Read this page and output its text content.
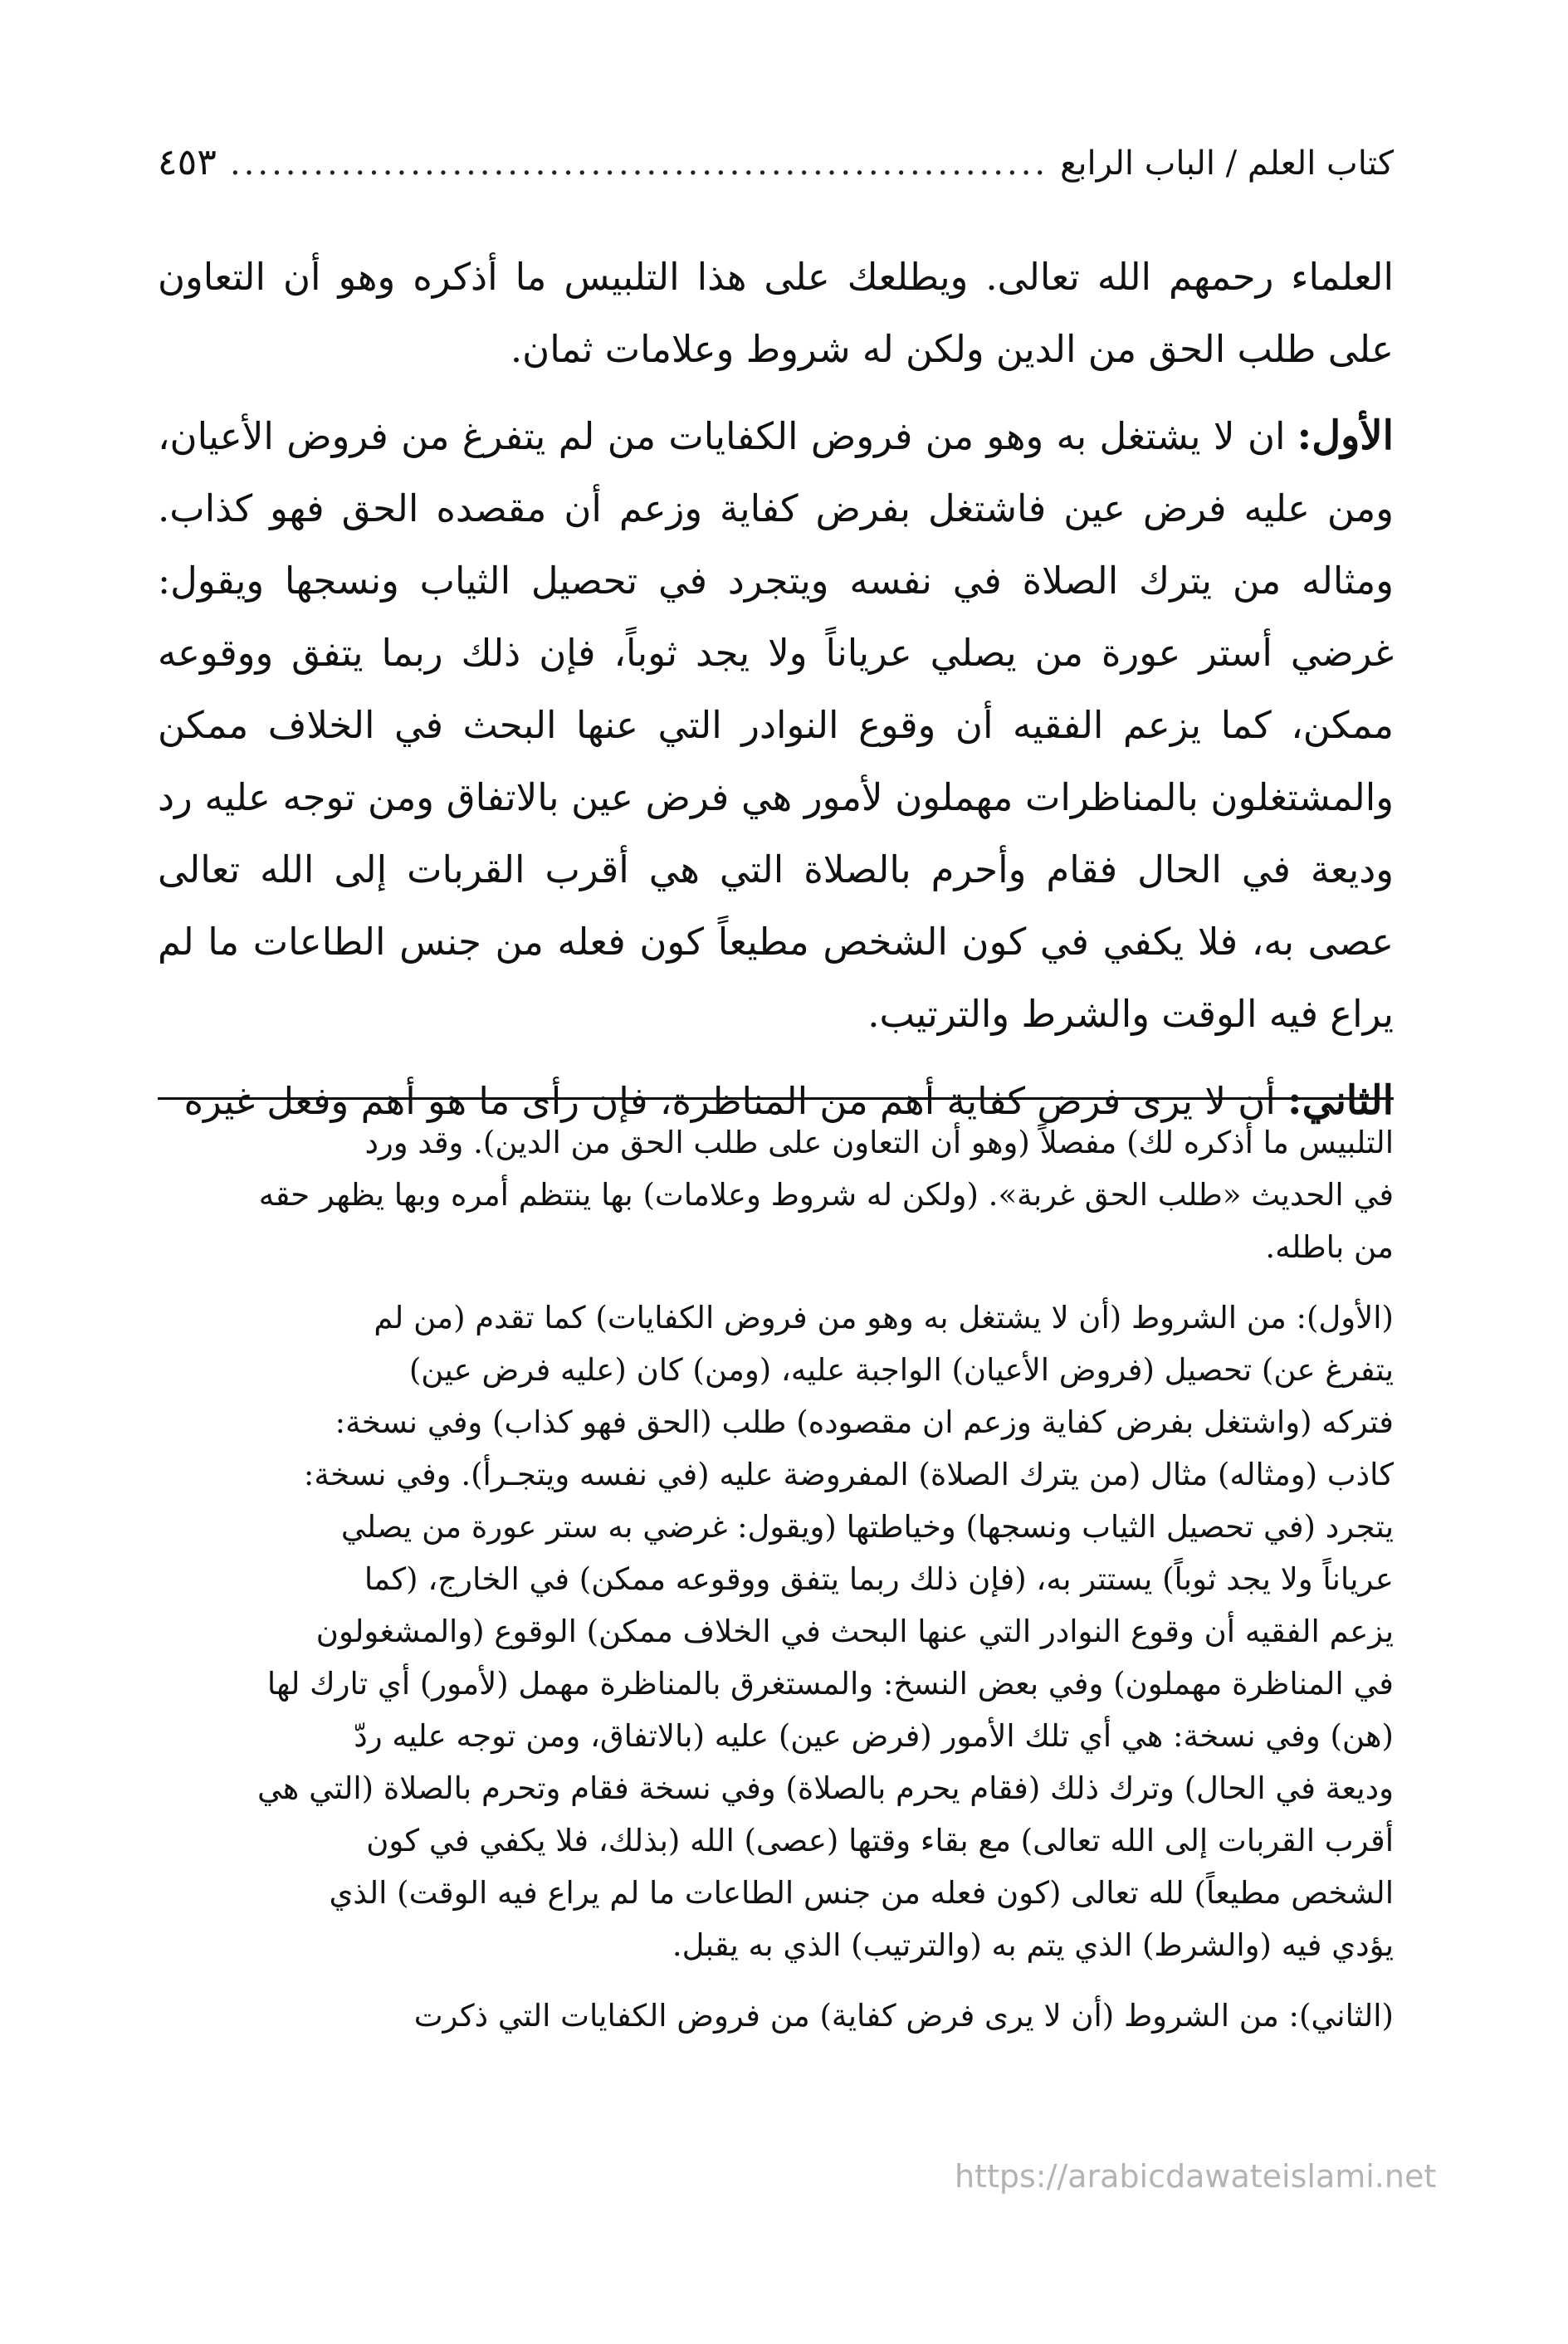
كتاب العلم / الباب الرابع
.....
٤٥٣

العلماء رحمهم الله تعالى. ويطلعك على هذا التلبيس ما أذكره وهو أن التعاون على طلب الحق من الدين ولكن له شروط وعلامات ثمان.

الأول:ان لا يشتغل به وهو من فروض الكفايات من لم يتفرغ من فروض الأعيان، ومن عليه فرض عين فاشتغل بفرض كفاية وزعم أن مقصده الحق فهو كذاب. ومثاله من يترك الصلاة في نفسه ويتجرد في تحصيل الثياب ونسجها ويقول: غرضي أستر عورة من يصلي عرياناً ولا يجد ثوباً، فإن ذلك ربما يتفق ووقوعه ممكن، كما يزعم الفقيه أن وقوع النوادر التي عنها البحث في الخلاف ممكن والمشتغلون بالمناظرات مهملون لأمور هي فرض عين بالاتفاق ومن توجه عليه رد وديعة في الحال فقام وأحرم بالصلاة التي هي أقرب القربات إلى الله تعالى عصى به، فلا يكفي في كون الشخص مطيعاً كون فعله من جنس الطاعات ما لم يراع فيه الوقت والشرط والترتيب.

الثاني:أن لا يرى فرض كفاية أهم من المناظرة، فإن رأى ما هو أهم وفعل غيره

التلبيس ما أذكره لك) مفصلاً (وهو أن التعاون على طلب الحق من الدين). وقد ورد
في الحديث «طلب الحق غربة». (ولكن له شروط وعلامات) بها ينتظم أمره وبها يظهر حقه
من باطله.

(الأول): من الشروط (أن لا يشتغل به وهو من فروض الكفايات) كما تقدم (من لم
يتفرغ عن) تحصيل (فروض الأعيان) الواجبة عليه، (ومن) كان (عليه فرض عين)
فتركه (واشتغل بفرض كفاية وزعم ان مقصوده) طلب (الحق فهو كذاب) وفي نسخة:
كاذب (ومثاله) مثال (من يترك الصلاة) المفروضة عليه (في نفسه ويتجـرأ). وفي نسخة:
يتجرد (في تحصيل الثياب ونسجها) وخياطتها (ويقول: غرضي به ستر عورة من يصلي
عرياناً ولا يجد ثوباً) يستتر به، (فإن ذلك ربما يتفق ووقوعه ممكن) في الخارج، (كما
يزعم الفقيه أن وقوع النوادر التي عنها البحث في الخلاف ممكن) الوقوع (والمشغولون
في المناظرة مهملون) وفي بعض النسخ: والمستغرق بالمناظرة مهمل (لأمور) أي تارك لها
(هن) وفي نسخة: هي أي تلك الأمور (فرض عين) عليه (بالاتفاق، ومن توجه عليه ردّ
وديعة في الحال) وترك ذلك (فقام يحرم بالصلاة) وفي نسخة فقام وتحرم بالصلاة (التي هي
أقرب القربات إلى الله تعالى) مع بقاء وقتها (عصى) الله (بذلك، فلا يكفي في كون
الشخص مطيعاً) لله تعالى (كون فعله من جنس الطاعات ما لم يراع فيه الوقت) الذي
يؤدي فيه (والشرط) الذي يتم به (والترتيب) الذي به يقبل.

(الثاني): من الشروط (أن لا يرى فرض كفاية) من فروض الكفايات التي ذكرت

https://arabicdawateislami.net
